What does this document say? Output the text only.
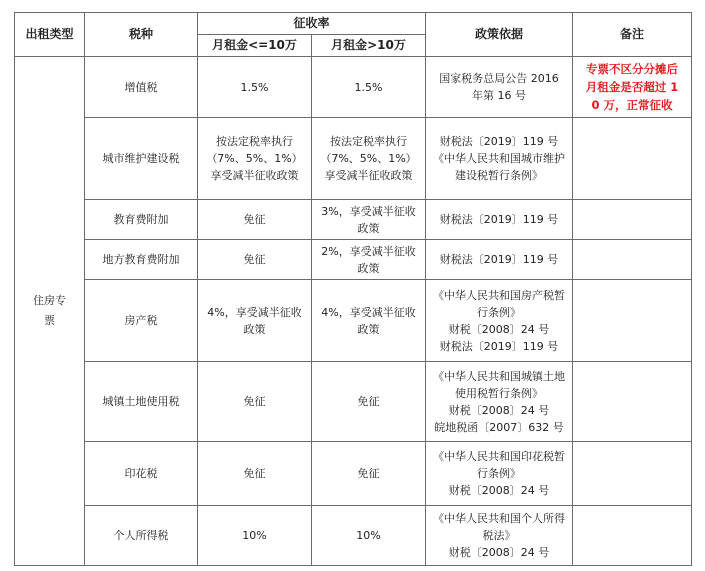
出租类型	税种	征收率		政策依据	备注
		月租金<=10万	月租金>10万		
住房专票	增值税	1.5%	1.5%	国家税务总局公告 2016 年第 16 号	专票不区分分摊后月租金是否超过 10 万，正常征收
	城市维护建设税	按法定税率执行（7%、5%、1%）享受减半征收政策	按法定税率执行（7%、5%、1%）享受减半征收政策	财税法〔2019〕119 号
《中华人民共和国城市维护建设税暂行条例》	

	教育费附加	免征	3%，享受减半征收政策	财税法〔2019〕119 号	

	地方教育费附加	免征	2%，享受减半征收政策	财税法〔2019〕119 号	

	房产税	4%，享受减半征收政策	4%，享受减半征收政策	《中华人民共和国房产税暂行条例》
财税〔2008〕24 号
财税法〔2019〕119 号	

	城镇土地使用税	免征	免征	《中华人民共和国城镇土地使用税暂行条例》
财税〔2008〕24 号
皖地税函〔2007〕632 号	

	印花税	免征	免征	《中华人民共和国印花税暂行条例》
财税〔2008〕24 号	

	个人所得税	10%	10%	《中华人民共和国个人所得税法》
财税〔2008〕24 号	
